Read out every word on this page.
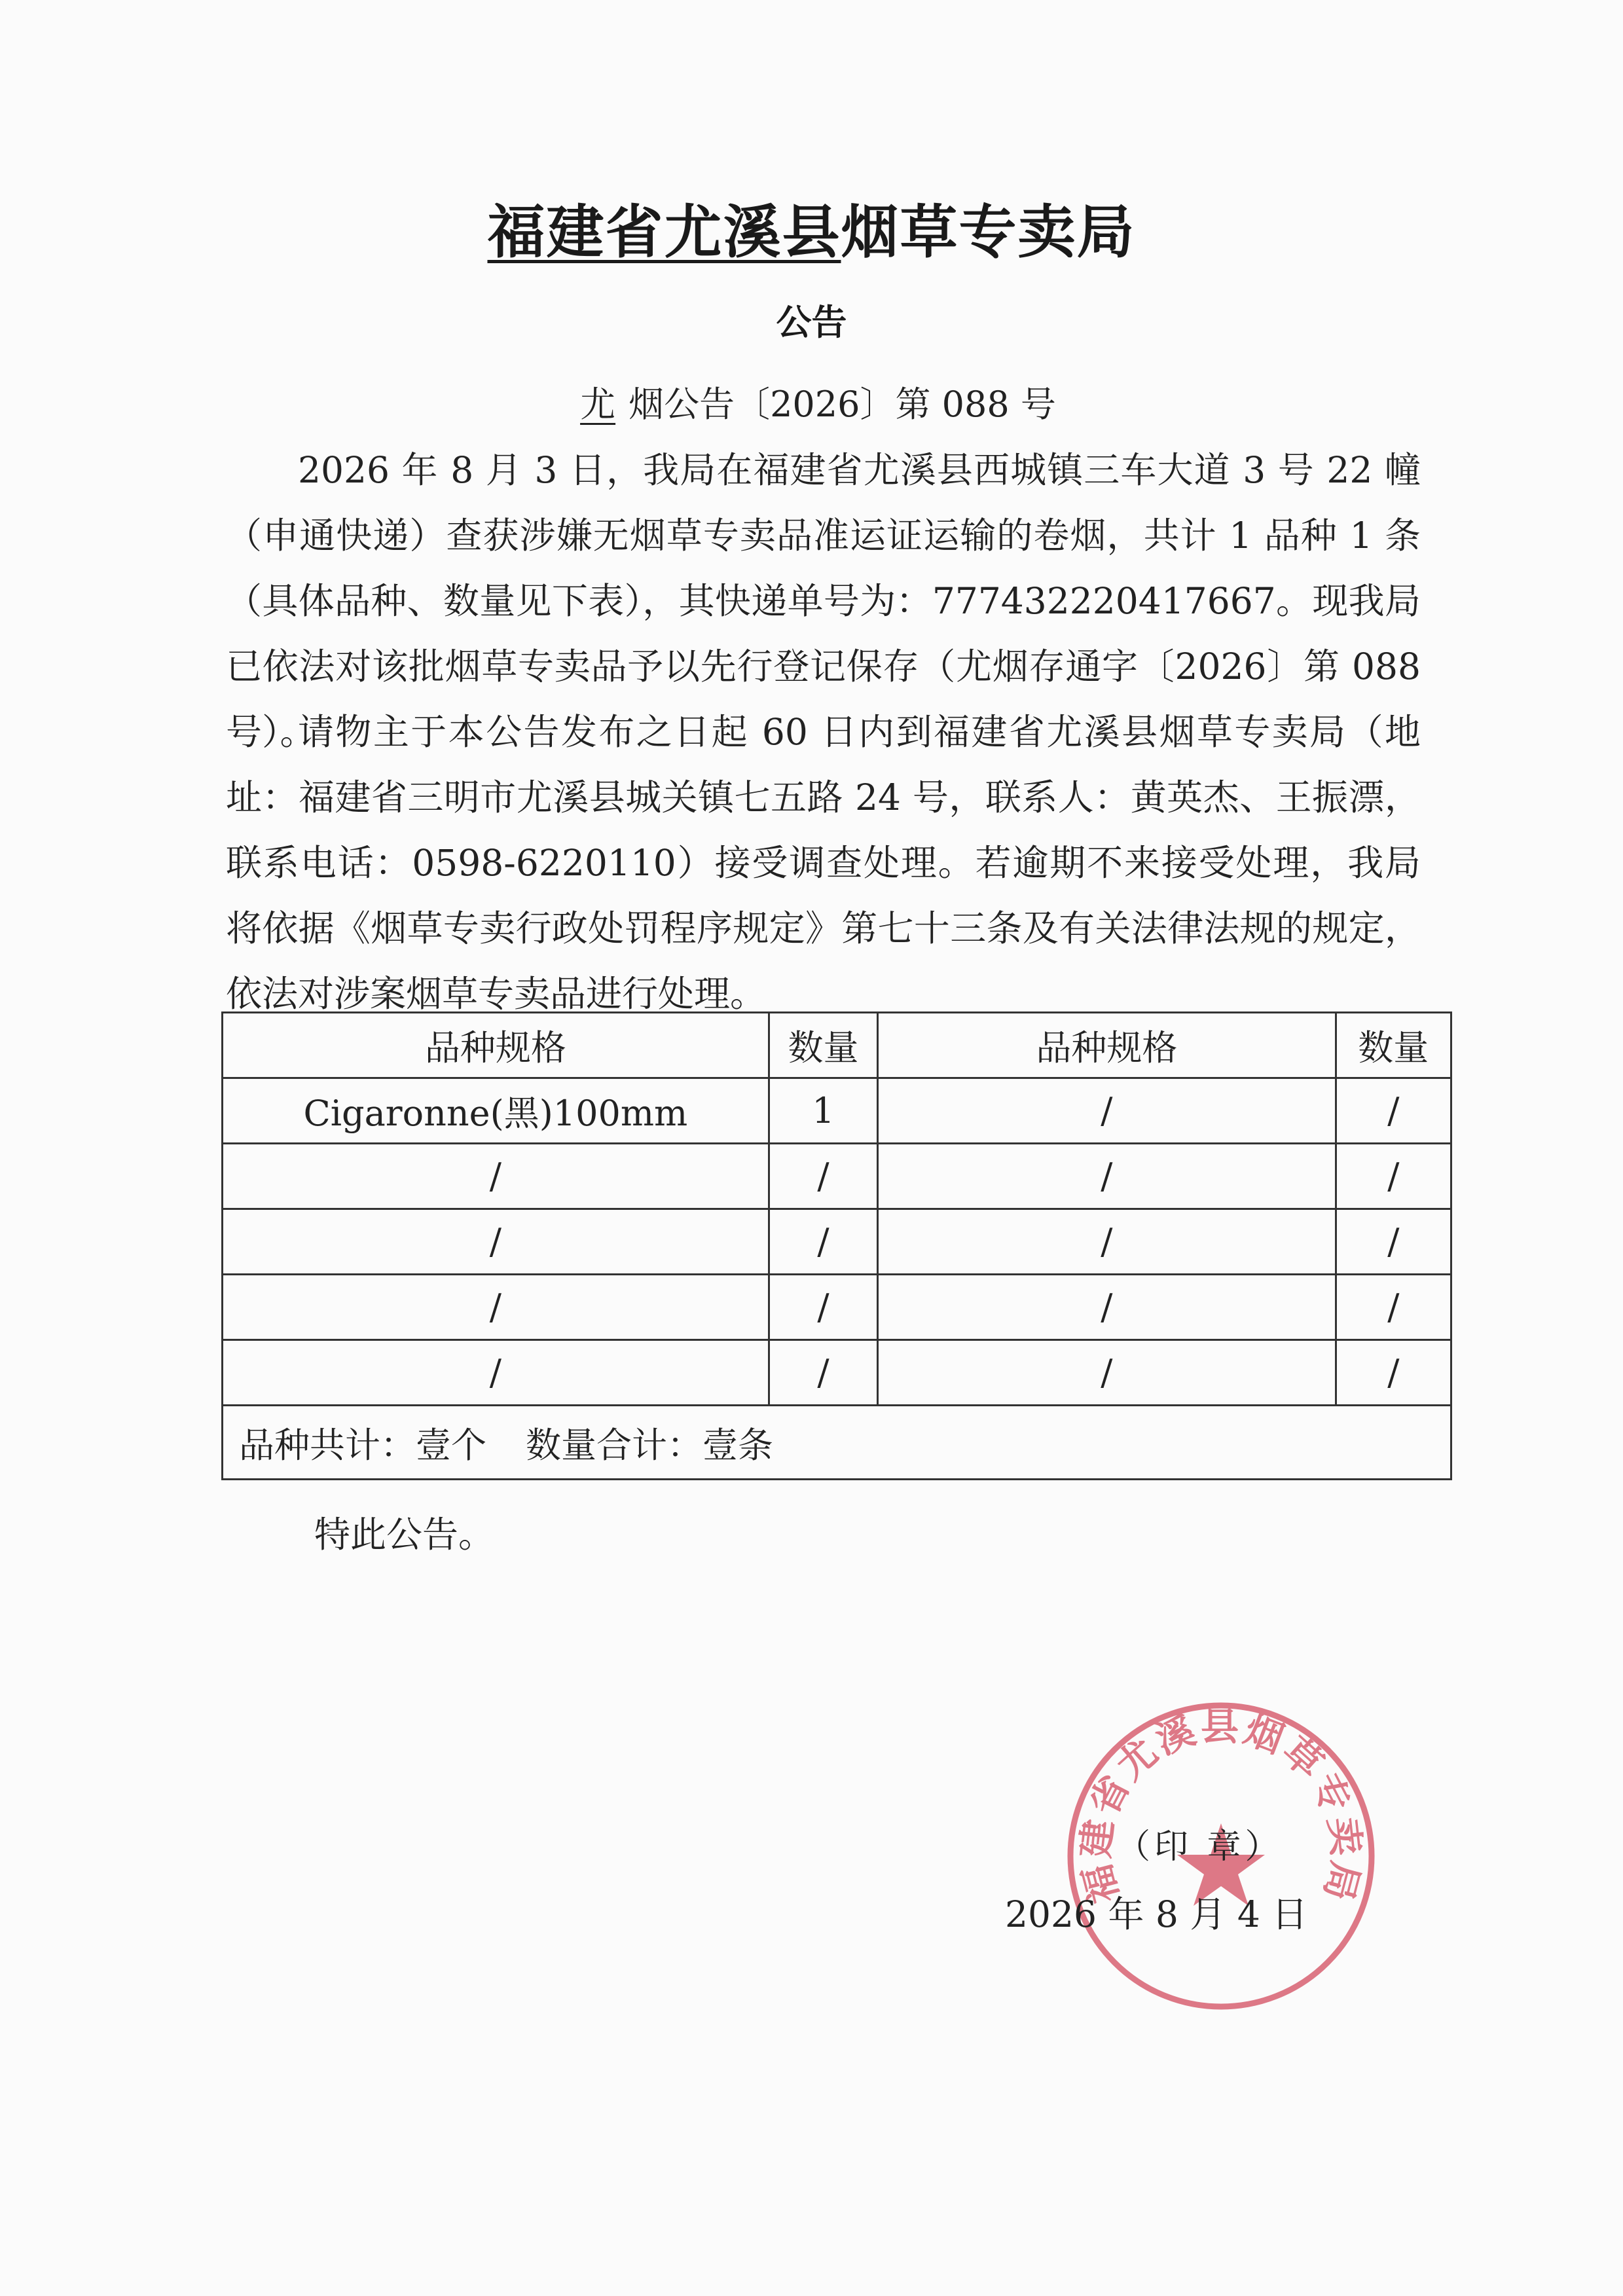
福建省尤溪县烟草专卖局
公告
尤 烟公告〔2026〕第 088 号

2026 年 8 月 3 日，我局在福建省尤溪县西城镇三车大道 3 号 22 幢（申通快递）查获涉嫌无烟草专卖品准运证运输的卷烟，共计 1 品种 1 条（具体品种、数量见下表），其快递单号为：777432220417667。现我局已依法对该批烟草专卖品予以先行登记保存（尤烟存通字〔2026〕第 088 号）。

请物主于本公告发布之日起 60 日内到福建省尤溪县烟草专卖局（地址：福建省三明市尤溪县城关镇七五路 24 号，联系人：黄英杰、王振漂，联系电话：0598-6220110）接受调查处理。若逾期不来接受处理，我局将依据《烟草专卖行政处罚程序规定》第七十三条及有关法律法规的规定，依法对涉案烟草专卖品进行处理。

品种规格	数量	品种规格	数量
Cigaronne(黑)100mm	1	/	/
/	/	/	/
/	/	/	/
/	/	/	/
/	/	/	/
品种共计：壹个 数量合计：壹条			
特此公告。
福建省尤溪县烟草专卖局
（印 章）
2026 年 8 月 4 日
